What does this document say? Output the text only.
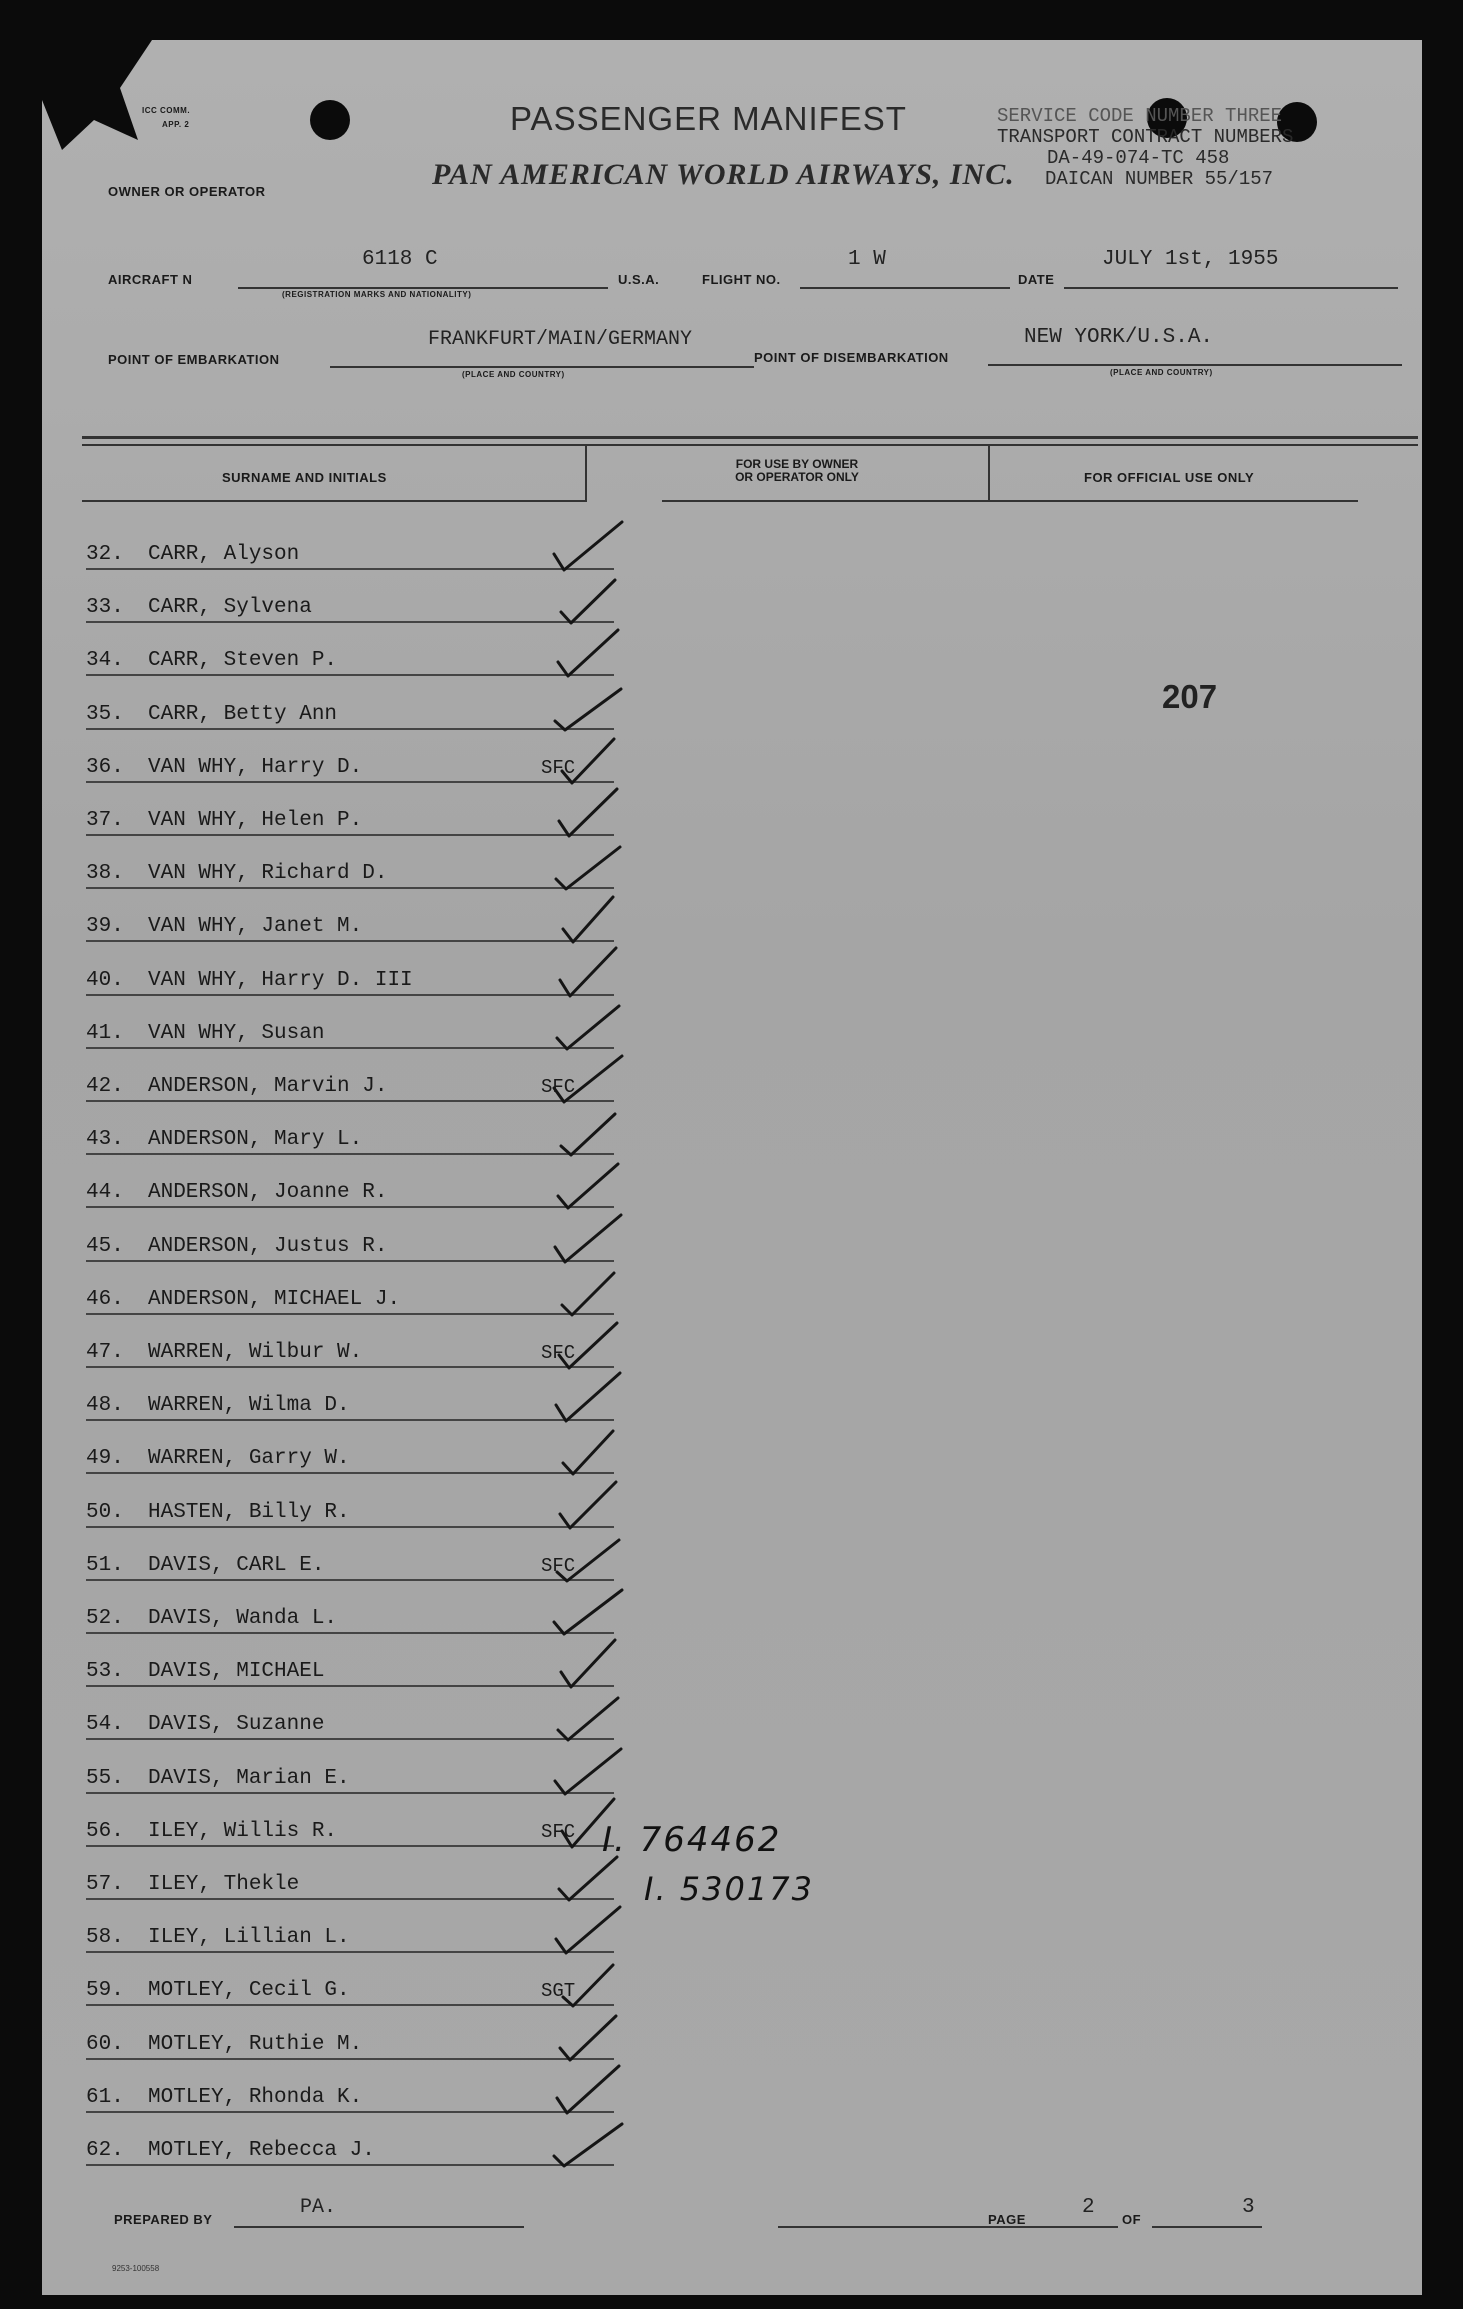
ICC COMM.
APP. 2
OWNER OR OPERATOR
PASSENGER MANIFEST
PAN AMERICAN WORLD AIRWAYS, INC.
SERVICE CODE NUMBER THREE
TRANSPORT CONTRACT NUMBERS
DA-49-074-TC 458
DAICAN NUMBER 55/157
AIRCRAFT N
6118 C
(REGISTRATION MARKS AND NATIONALITY)
U.S.A.	FLIGHT NO.
1 W
DATE
JULY 1st, 1955
POINT OF EMBARKATION
FRANKFURT/MAIN/GERMANY
(PLACE AND COUNTRY)
POINT OF DISEMBARKATION
NEW YORK/U.S.A.
(PLACE AND COUNTRY)
SURNAME AND INITIALS
FOR USE BY OWNER
OR OPERATOR ONLY	FOR OFFICIAL USE ONLY
207
32. CARR, Alyson
33. CARR, Sylvena
34. CARR, Steven P.
35. CARR, Betty Ann
36. VAN WHY, Harry D.	SFC
37. VAN WHY, Helen P.
38. VAN WHY, Richard D.
39. VAN WHY, Janet M.
40. VAN WHY, Harry D. III
41. VAN WHY, Susan
42. ANDERSON, Marvin J.	SFC
43. ANDERSON, Mary L.
44. ANDERSON, Joanne R.
45. ANDERSON, Justus R.
46. ANDERSON, MICHAEL J.
47. WARREN, Wilbur W.	SFC
48. WARREN, Wilma D.
49. WARREN, Garry W.
50. HASTEN, Billy R.
51. DAVIS, CARL E.	SFC
52. DAVIS, Wanda L.
53. DAVIS, MICHAEL
54. DAVIS, Suzanne
55. DAVIS, Marian E.
56. ILEY, Willis R.	SFC
57. ILEY, Thekle
58. ILEY, Lillian L.
59. MOTLEY, Cecil G.	SGT
60. MOTLEY, Ruthie M.
61. MOTLEY, Rhonda K.
62. MOTLEY, Rebecca J.
I. 764462
I. 530173
PREPARED BY
PA.
PAGE
2
OF
3
9253-100558
